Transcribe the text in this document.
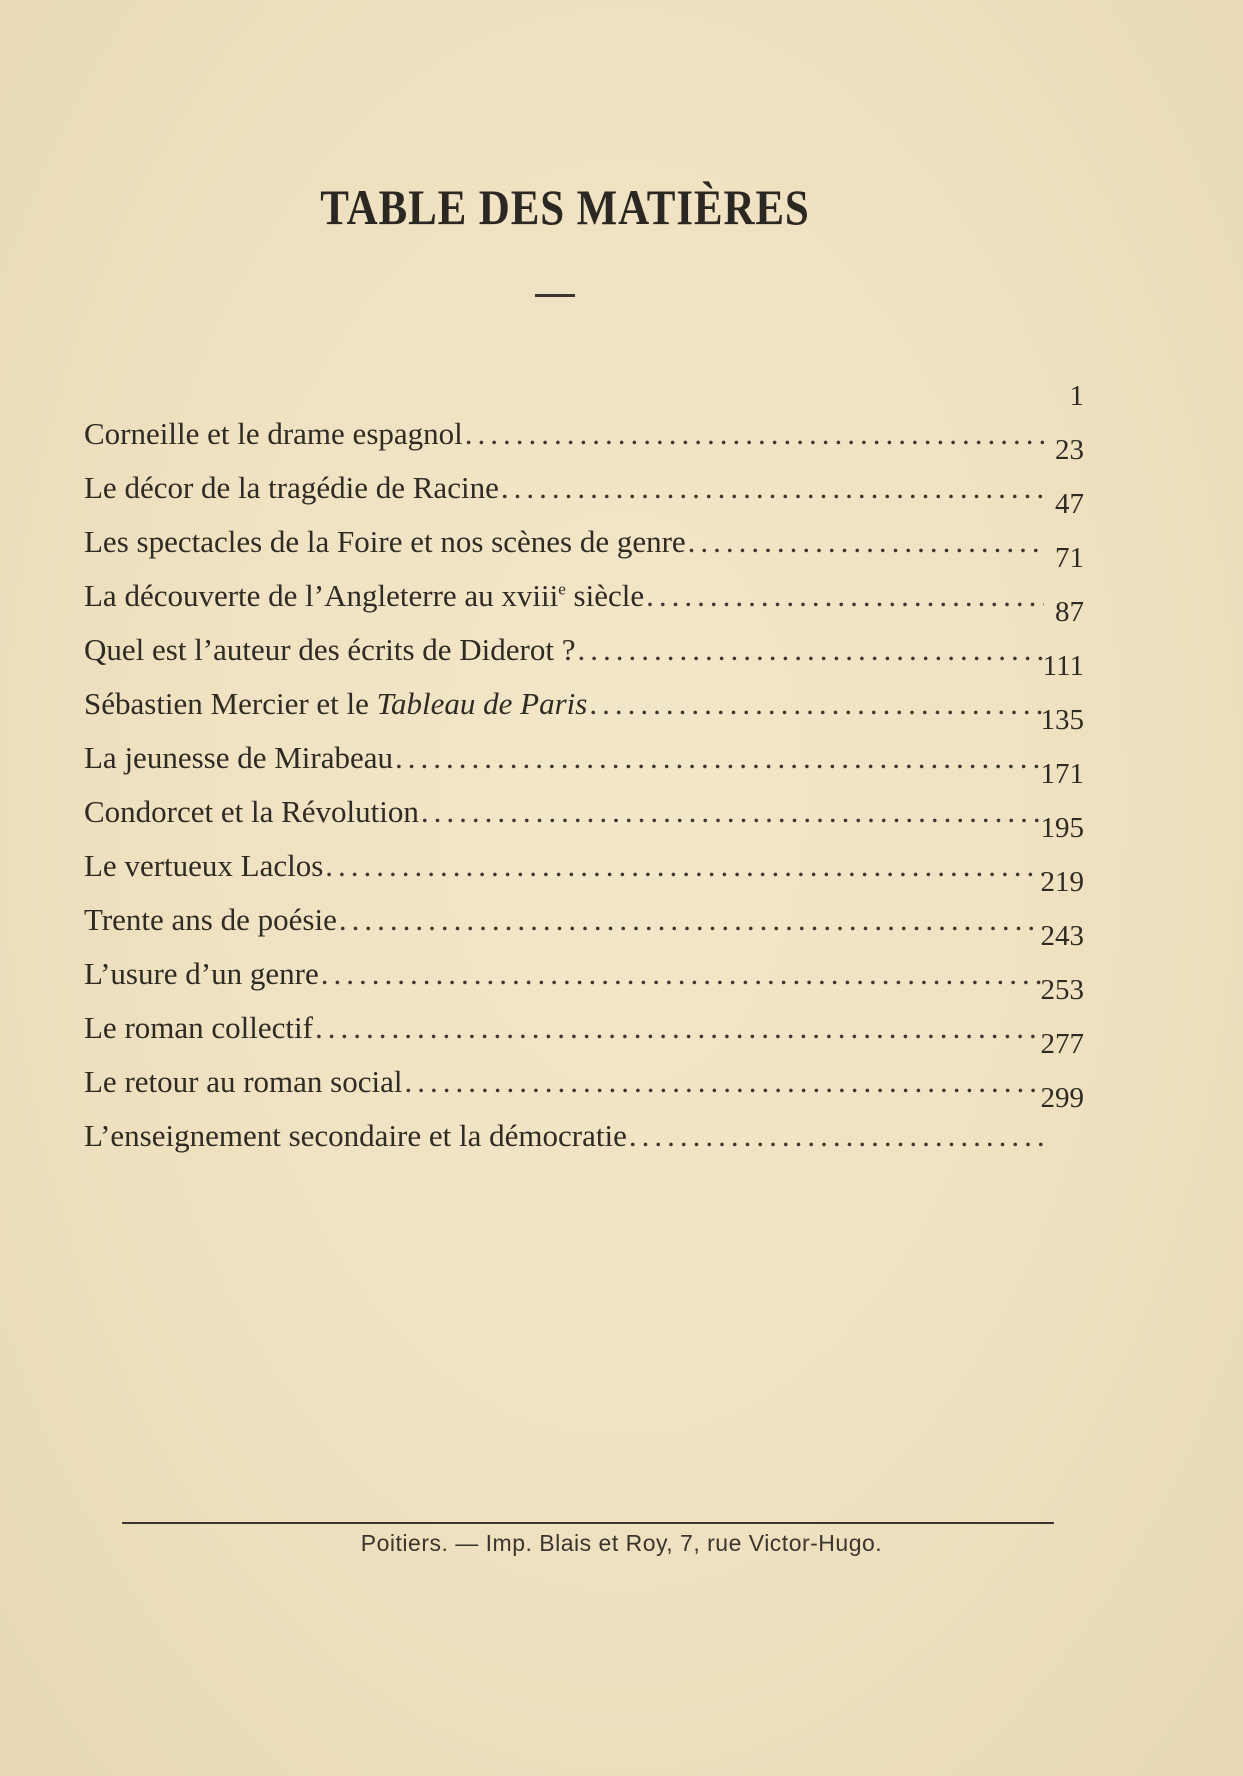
TABLE DES MATIÈRES
Corneille et le drame espagnol
.....
1
Le décor de la tragédie de Racine
.....
23
Les spectacles de la Foire et nos scènes de genre
.....
47
La découverte de l’Angleterre au xviii$^e$ siècle
.....
71
Quel est l’auteur des écrits de Diderot ?
.....
87
Sébastien Mercier et le Tableau de Paris
.....
111
La jeunesse de Mirabeau
.....
135
Condorcet et la Révolution
.....
171
Le vertueux Laclos
.....
195
Trente ans de poésie
.....
219
L’usure d’un genre
.....
243
Le roman collectif
.....
253
Le retour au roman social
.....
277
L’enseignement secondaire et la démocratie
.....
299
Poitiers. — Imp. Blais et Roy, 7, rue Victor-Hugo.
